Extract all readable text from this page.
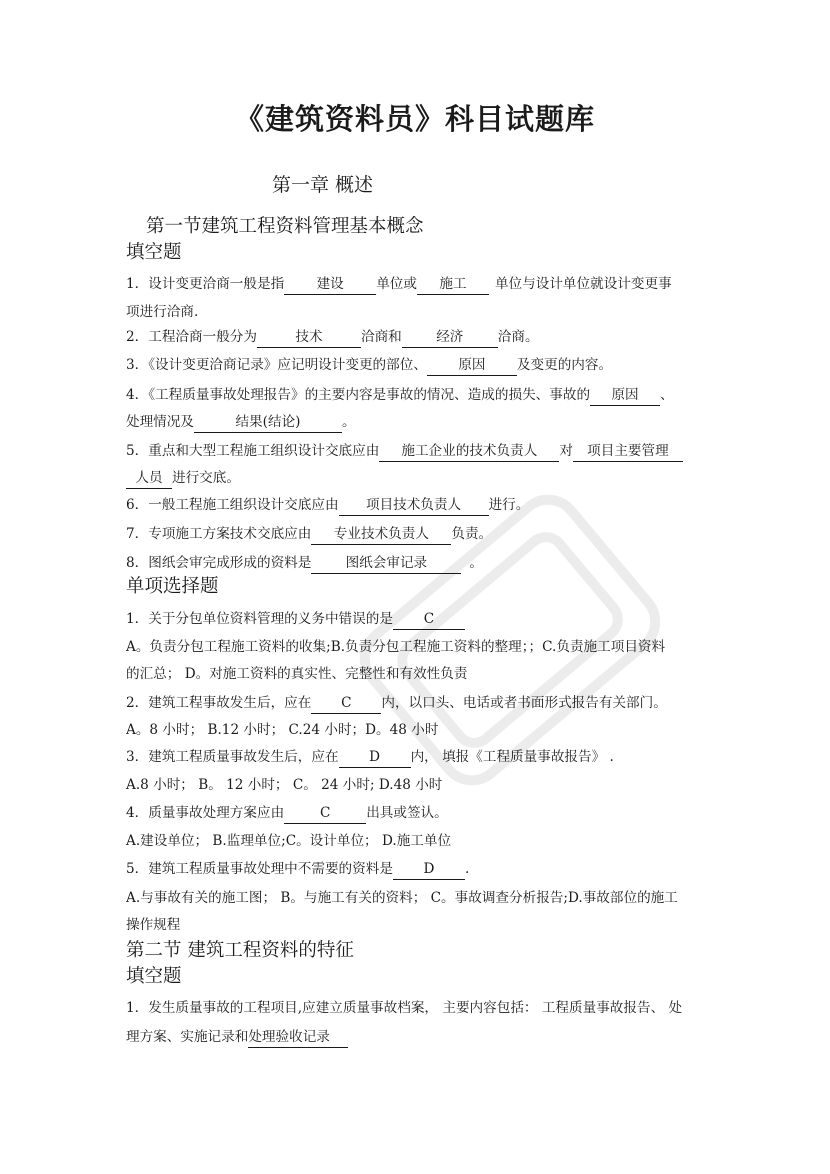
《建筑资料员》科目试题库
第一章 概述
第一节建筑工程资料管理基本概念
填空题
1．设计变更洽商一般是指 建设 单位或 施工 单位与设计单位就设计变更事
项进行洽商.
2．工程洽商一般分为	技术	洽商和	经济	洽商。
3．《设计变更洽商记录》应记明设计变更的部位、 原因 及变更的内容。
4．《工程质量事故处理报告》的主要内容是事故的情况、造成的损失、事故的 原因 、
处理情况及	结果(结论)	。
5．重点和大型工程施工组织设计交底应由 施工企业的技术负责人 对 项目主要管理
人员 进行交底。
6．一般工程施工组织设计交底应由 项目技术负责人 进行。
7．专项施工方案技术交底应由 专业技术负责人 负责。
8．图纸会审完成形成的资料是	图纸会审记录	。
单项选择题
1．关于分包单位资料管理的义务中错误的是 C
A。负责分包工程施工资料的收集;B.负责分包工程施工资料的整理；；C.负责施工项目资料
的汇总； D。对施工资料的真实性、完整性和有效性负责
2．建筑工程事故发生后，应在 C 内，以口头、电话或者书面形式报告有关部门。
A。8 小时； B.12 小时； C.24 小时；D。48 小时
3．建筑工程质量事故发生后，应在 D 内， 填报《工程质量事故报告》 .
A.8 小时； B。 12 小时； C。 24 小时; D.48 小时
4．质量事故处理方案应由	C	出具或签认。
A.建设单位； B.监理单位;C。设计单位； D.施工单位
5．建筑工程质量事故处理中不需要的资料是 D .
A.与事故有关的施工图； B。与施工有关的资料； C。事故调查分析报告;D.事故部位的施工
操作规程
第二节 建筑工程资料的特征
填空题
1．发生质量事故的工程项目,应建立质量事故档案， 主要内容包括： 工程质量事故报告、 处
理方案、实施记录和处理验收记录
